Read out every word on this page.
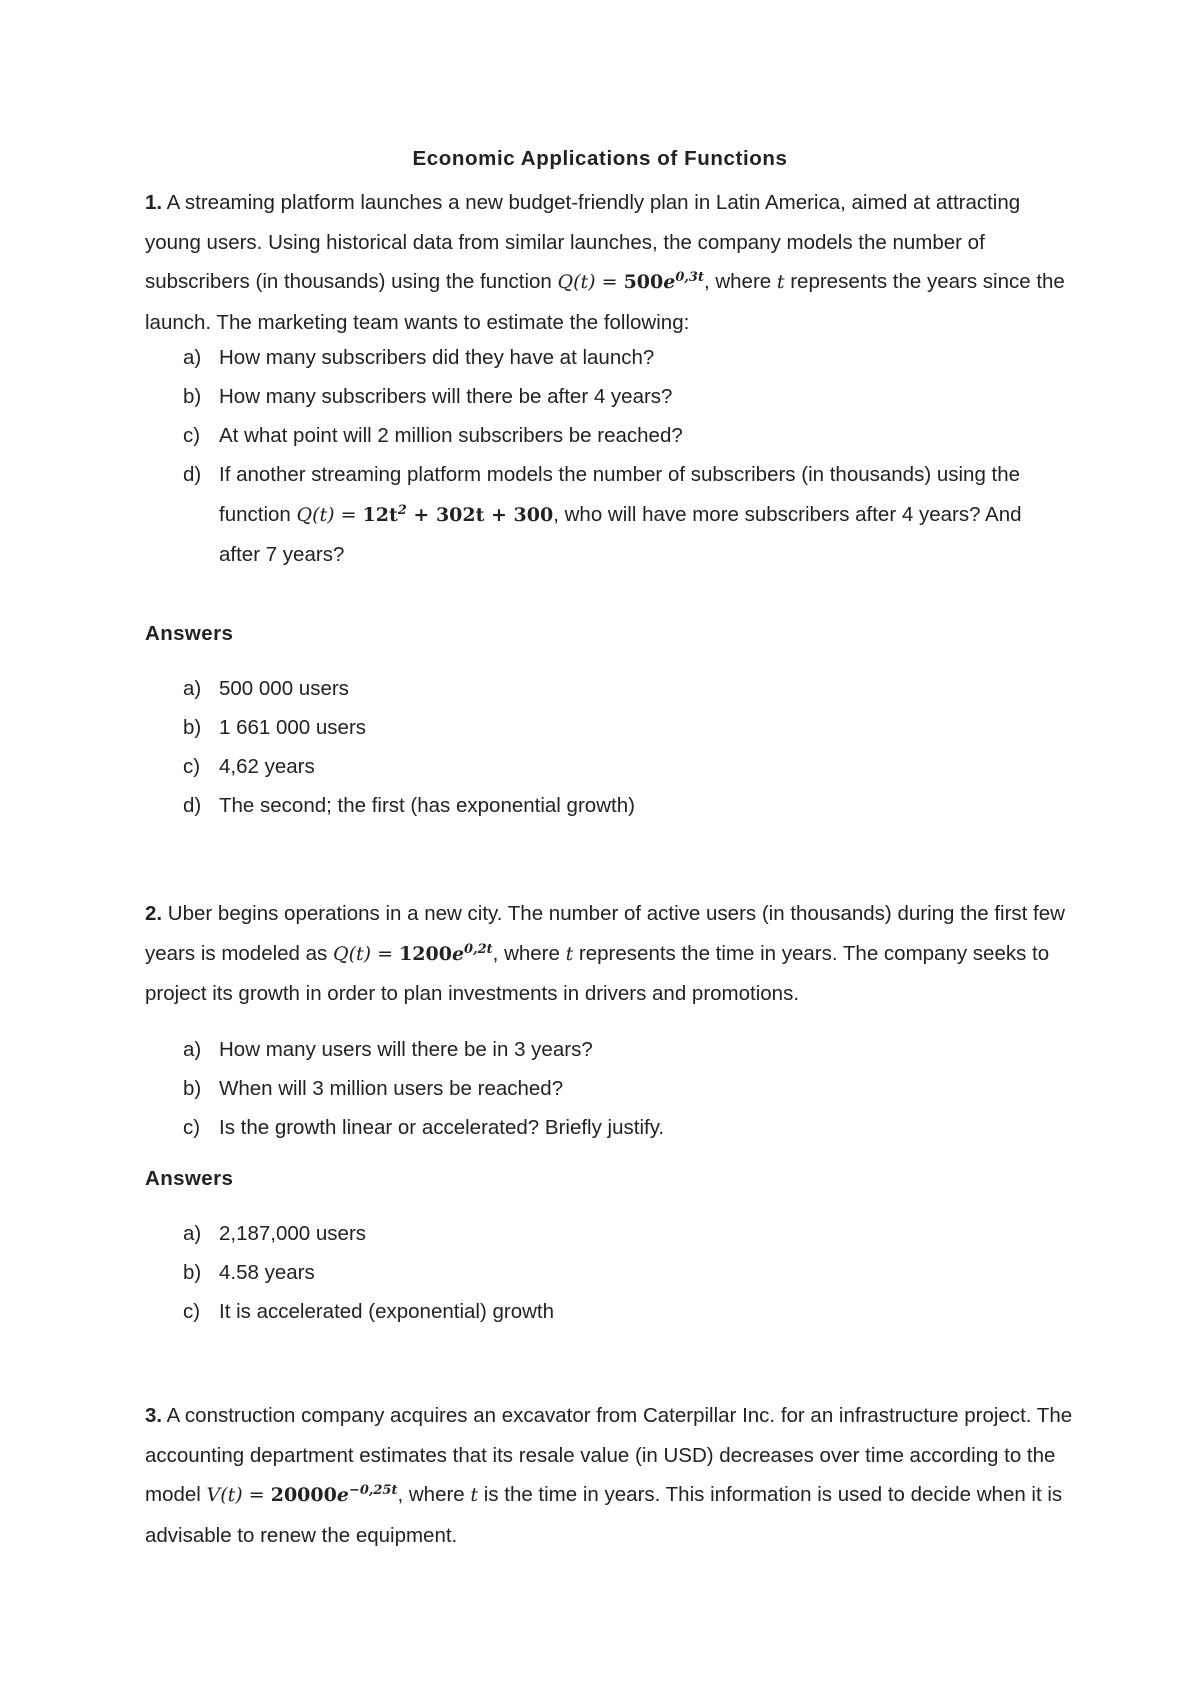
Economic Applications of Functions
1. A streaming platform launches a new budget-friendly plan in Latin America, aimed at attracting young users. Using historical data from similar launches, the company models the number of subscribers (in thousands) using the function $Q(t) = 500e^{0,3t}$, where t represents the years since the launch. The marketing team wants to estimate the following:
a) How many subscribers did they have at launch?
b) How many subscribers will there be after 4 years?
c) At what point will 2 million subscribers be reached?
d) If another streaming platform models the number of subscribers (in thousands) using the function $Q(t) = 12t^2 + 302t + 300$, who will have more subscribers after 4 years? And after 7 years?
Answers
a) 500 000 users
b) 1 661 000 users
c) 4,62 years
d) The second; the first (has exponential growth)
2. Uber begins operations in a new city. The number of active users (in thousands) during the first few years is modeled as $Q(t) = 1200e^{0,2t}$, where t represents the time in years. The company seeks to project its growth in order to plan investments in drivers and promotions.
a) How many users will there be in 3 years?
b) When will 3 million users be reached?
c) Is the growth linear or accelerated? Briefly justify.
Answers
a) 2,187,000 users
b) 4.58 years
c) It is accelerated (exponential) growth
3. A construction company acquires an excavator from Caterpillar Inc. for an infrastructure project. The accounting department estimates that its resale value (in USD) decreases over time according to the model $V(t) = 20000e^{-0,25t}$, where t is the time in years. This information is used to decide when it is advisable to renew the equipment.
